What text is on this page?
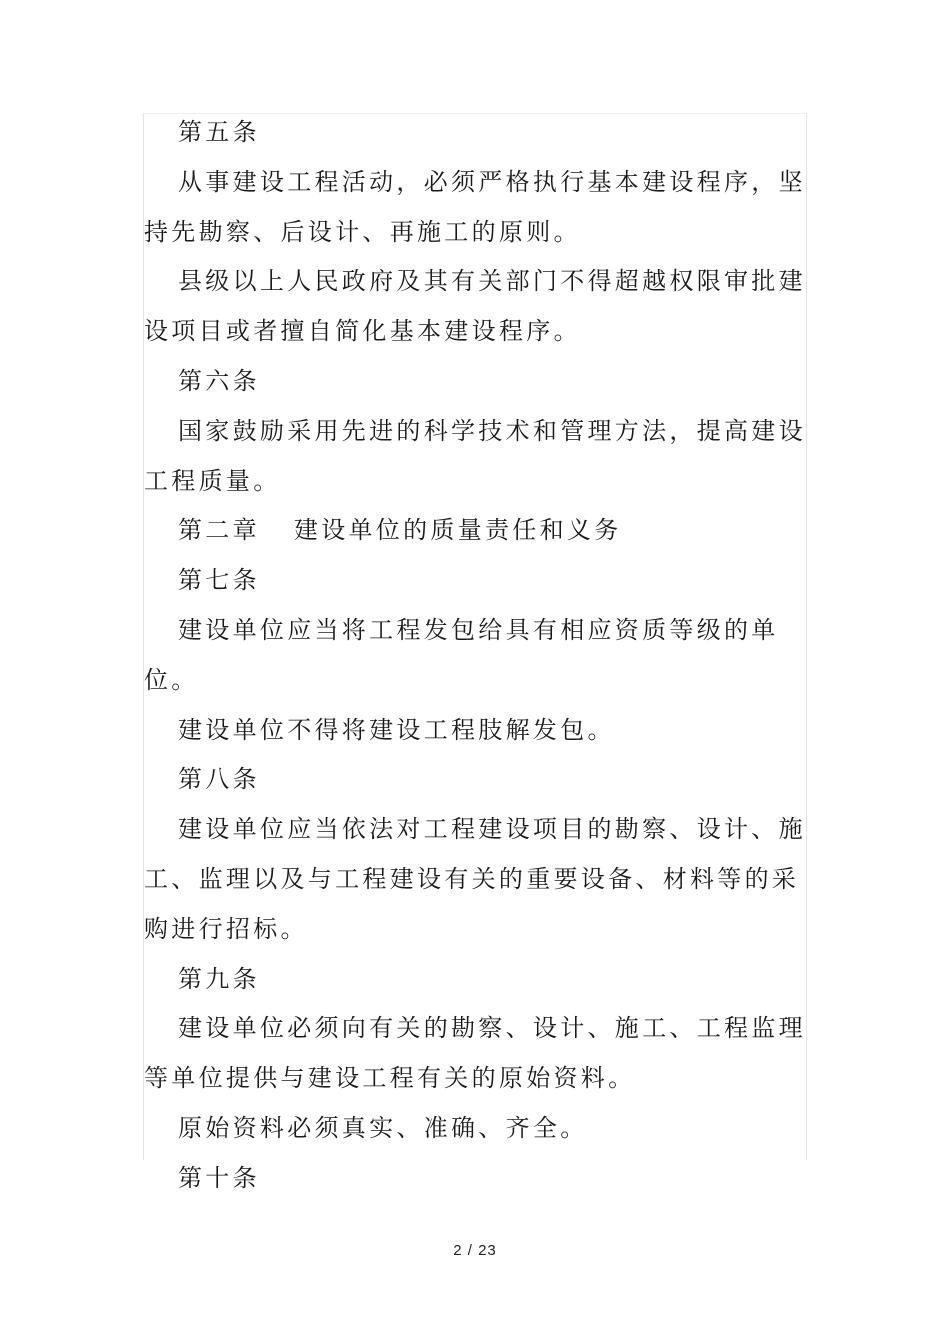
第五条

从事建设工程活动，必须严格执行基本建设程序，坚持先勘察、后设计、再施工的原则。

县级以上人民政府及其有关部门不得超越权限审批建设项目或者擅自简化基本建设程序。

第六条

国家鼓励采用先进的科学技术和管理方法，提高建设工程质量。

第二章 建设单位的质量责任和义务

第七条

建设单位应当将工程发包给具有相应资质等级的单位。

建设单位不得将建设工程肢解发包。

第八条

建设单位应当依法对工程建设项目的勘察、设计、施工、监理以及与工程建设有关的重要设备、材料等的采购进行招标。

第九条

建设单位必须向有关的勘察、设计、施工、工程监理等单位提供与建设工程有关的原始资料。

原始资料必须真实、准确、齐全。

第十条

2 / 23
